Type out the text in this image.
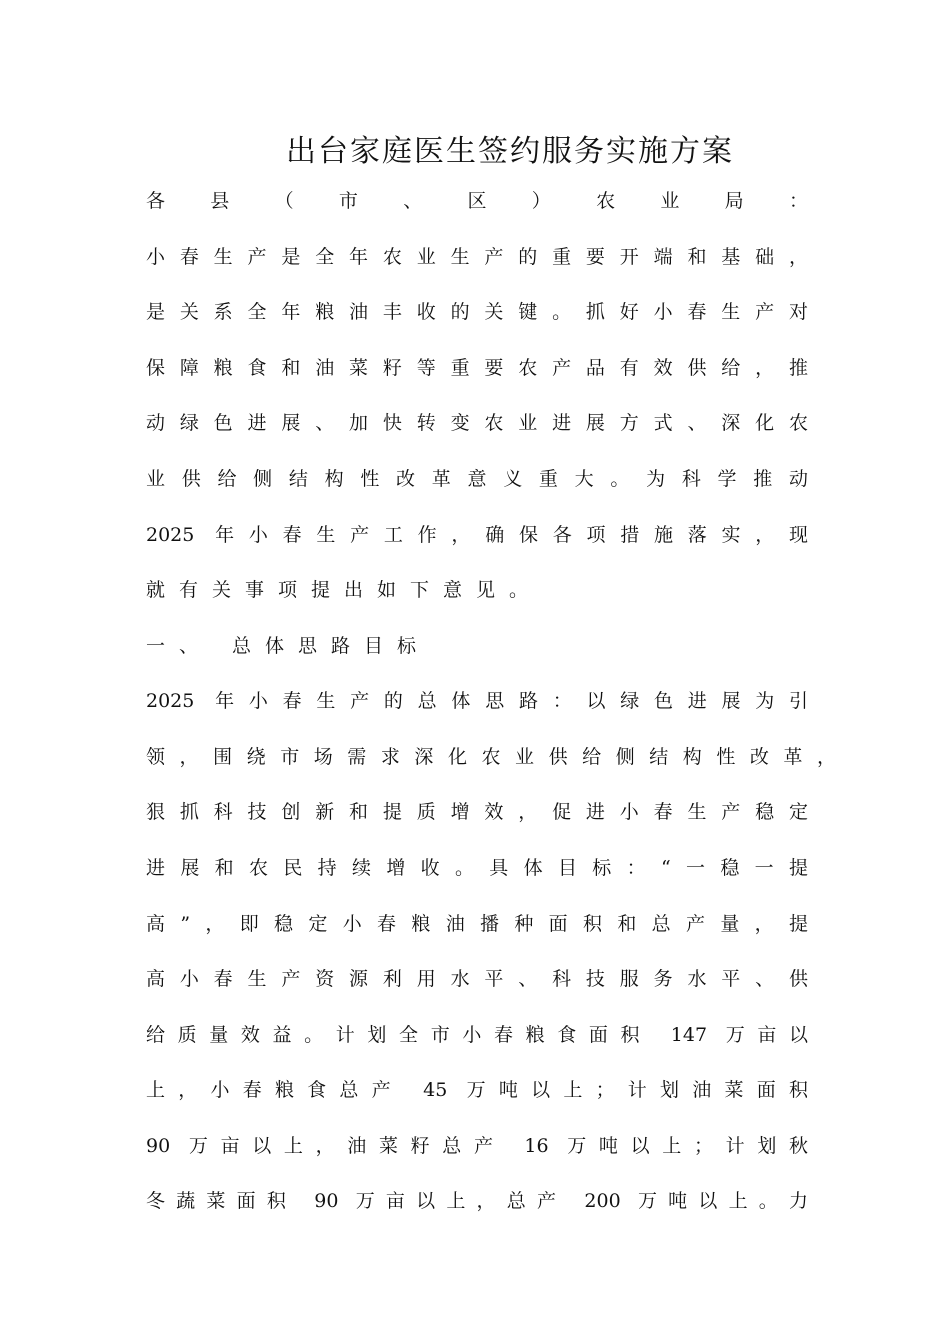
出台家庭医生签约服务实施方案
各县（市、区）农业局：
小春生产是全年农业生产的重要开端和基础，
是关系全年粮油丰收的关键。抓好小春生产对
保障粮食和油菜籽等重要农产品有效供给，推
动绿色进展、加快转变农业进展方式、深化农
业供给侧结构性改革意义重大。为科学推动
2025 年小春生产工作，确保各项措施落实，现
就有关事项提出如下意见。
一、 总体思路目标
2025 年小春生产的总体思路：以绿色进展为引
领，围绕市场需求深化农业供给侧结构性改革，
狠抓科技创新和提质增效，促进小春生产稳定
进展和农民持续增收。具体目标：“一稳一提
高”，即稳定小春粮油播种面积和总产量，提
高小春生产资源利用水平、科技服务水平、供
给质量效益。计划全市小春粮食面积 147 万亩以
上，小春粮食总产 45 万吨以上；计划油菜面积
90 万亩以上，油菜籽总产 16 万吨以上；计划秋
冬蔬菜面积 90 万亩以上，总产 200 万吨以上。力
